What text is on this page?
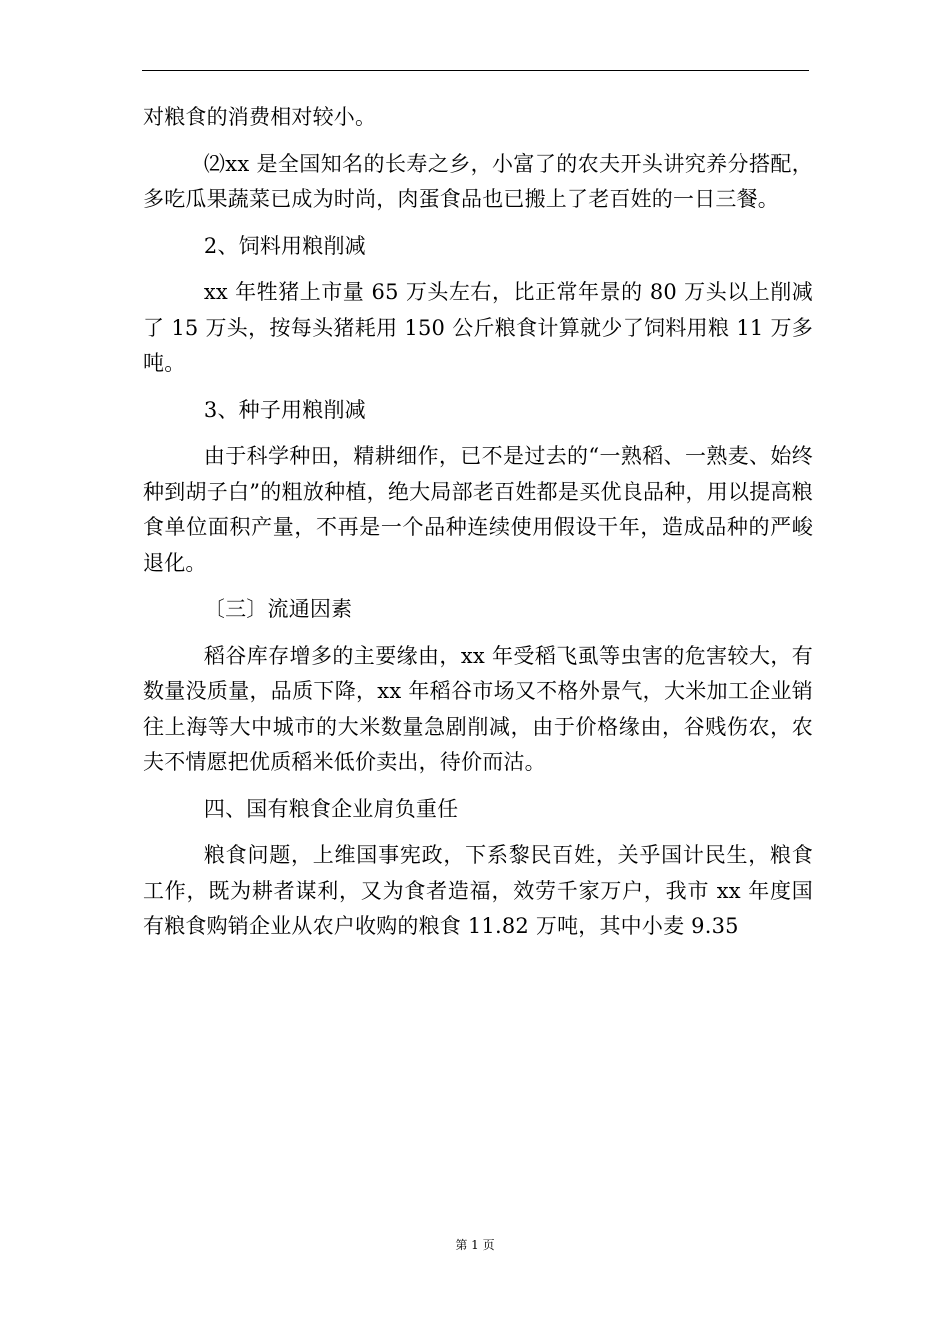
对粮食的消费相对较小。

⑵xx 是全国知名的长寿之乡，小富了的农夫开头讲究养分搭配，多吃瓜果蔬菜已成为时尚，肉蛋食品也已搬上了老百姓的一日三餐。

2、饲料用粮削减

xx 年牲猪上市量 65 万头左右，比正常年景的 80 万头以上削减了 15 万头，按每头猪耗用 150 公斤粮食计算就少了饲料用粮 11 万多吨。

3、种子用粮削减

由于科学种田，精耕细作，已不是过去的“一熟稻、一熟麦、始终种到胡子白”的粗放种植，绝大局部老百姓都是买优良品种，用以提高粮食单位面积产量，不再是一个品种连续使用假设干年，造成品种的严峻退化。

〔三〕流通因素

稻谷库存增多的主要缘由，xx 年受稻飞虱等虫害的危害较大，有数量没质量，品质下降，xx 年稻谷市场又不格外景气，大米加工企业销往上海等大中城市的大米数量急剧削减，由于价格缘由，谷贱伤农，农夫不情愿把优质稻米低价卖出，待价而沽。

四、国有粮食企业肩负重任

粮食问题，上维国事宪政，下系黎民百姓，关乎国计民生，粮食工作，既为耕者谋利，又为食者造福，效劳千家万户，我市 xx 年度国有粮食购销企业从农户收购的粮食 11.82 万吨，其中小麦 9.35

第 1 页
